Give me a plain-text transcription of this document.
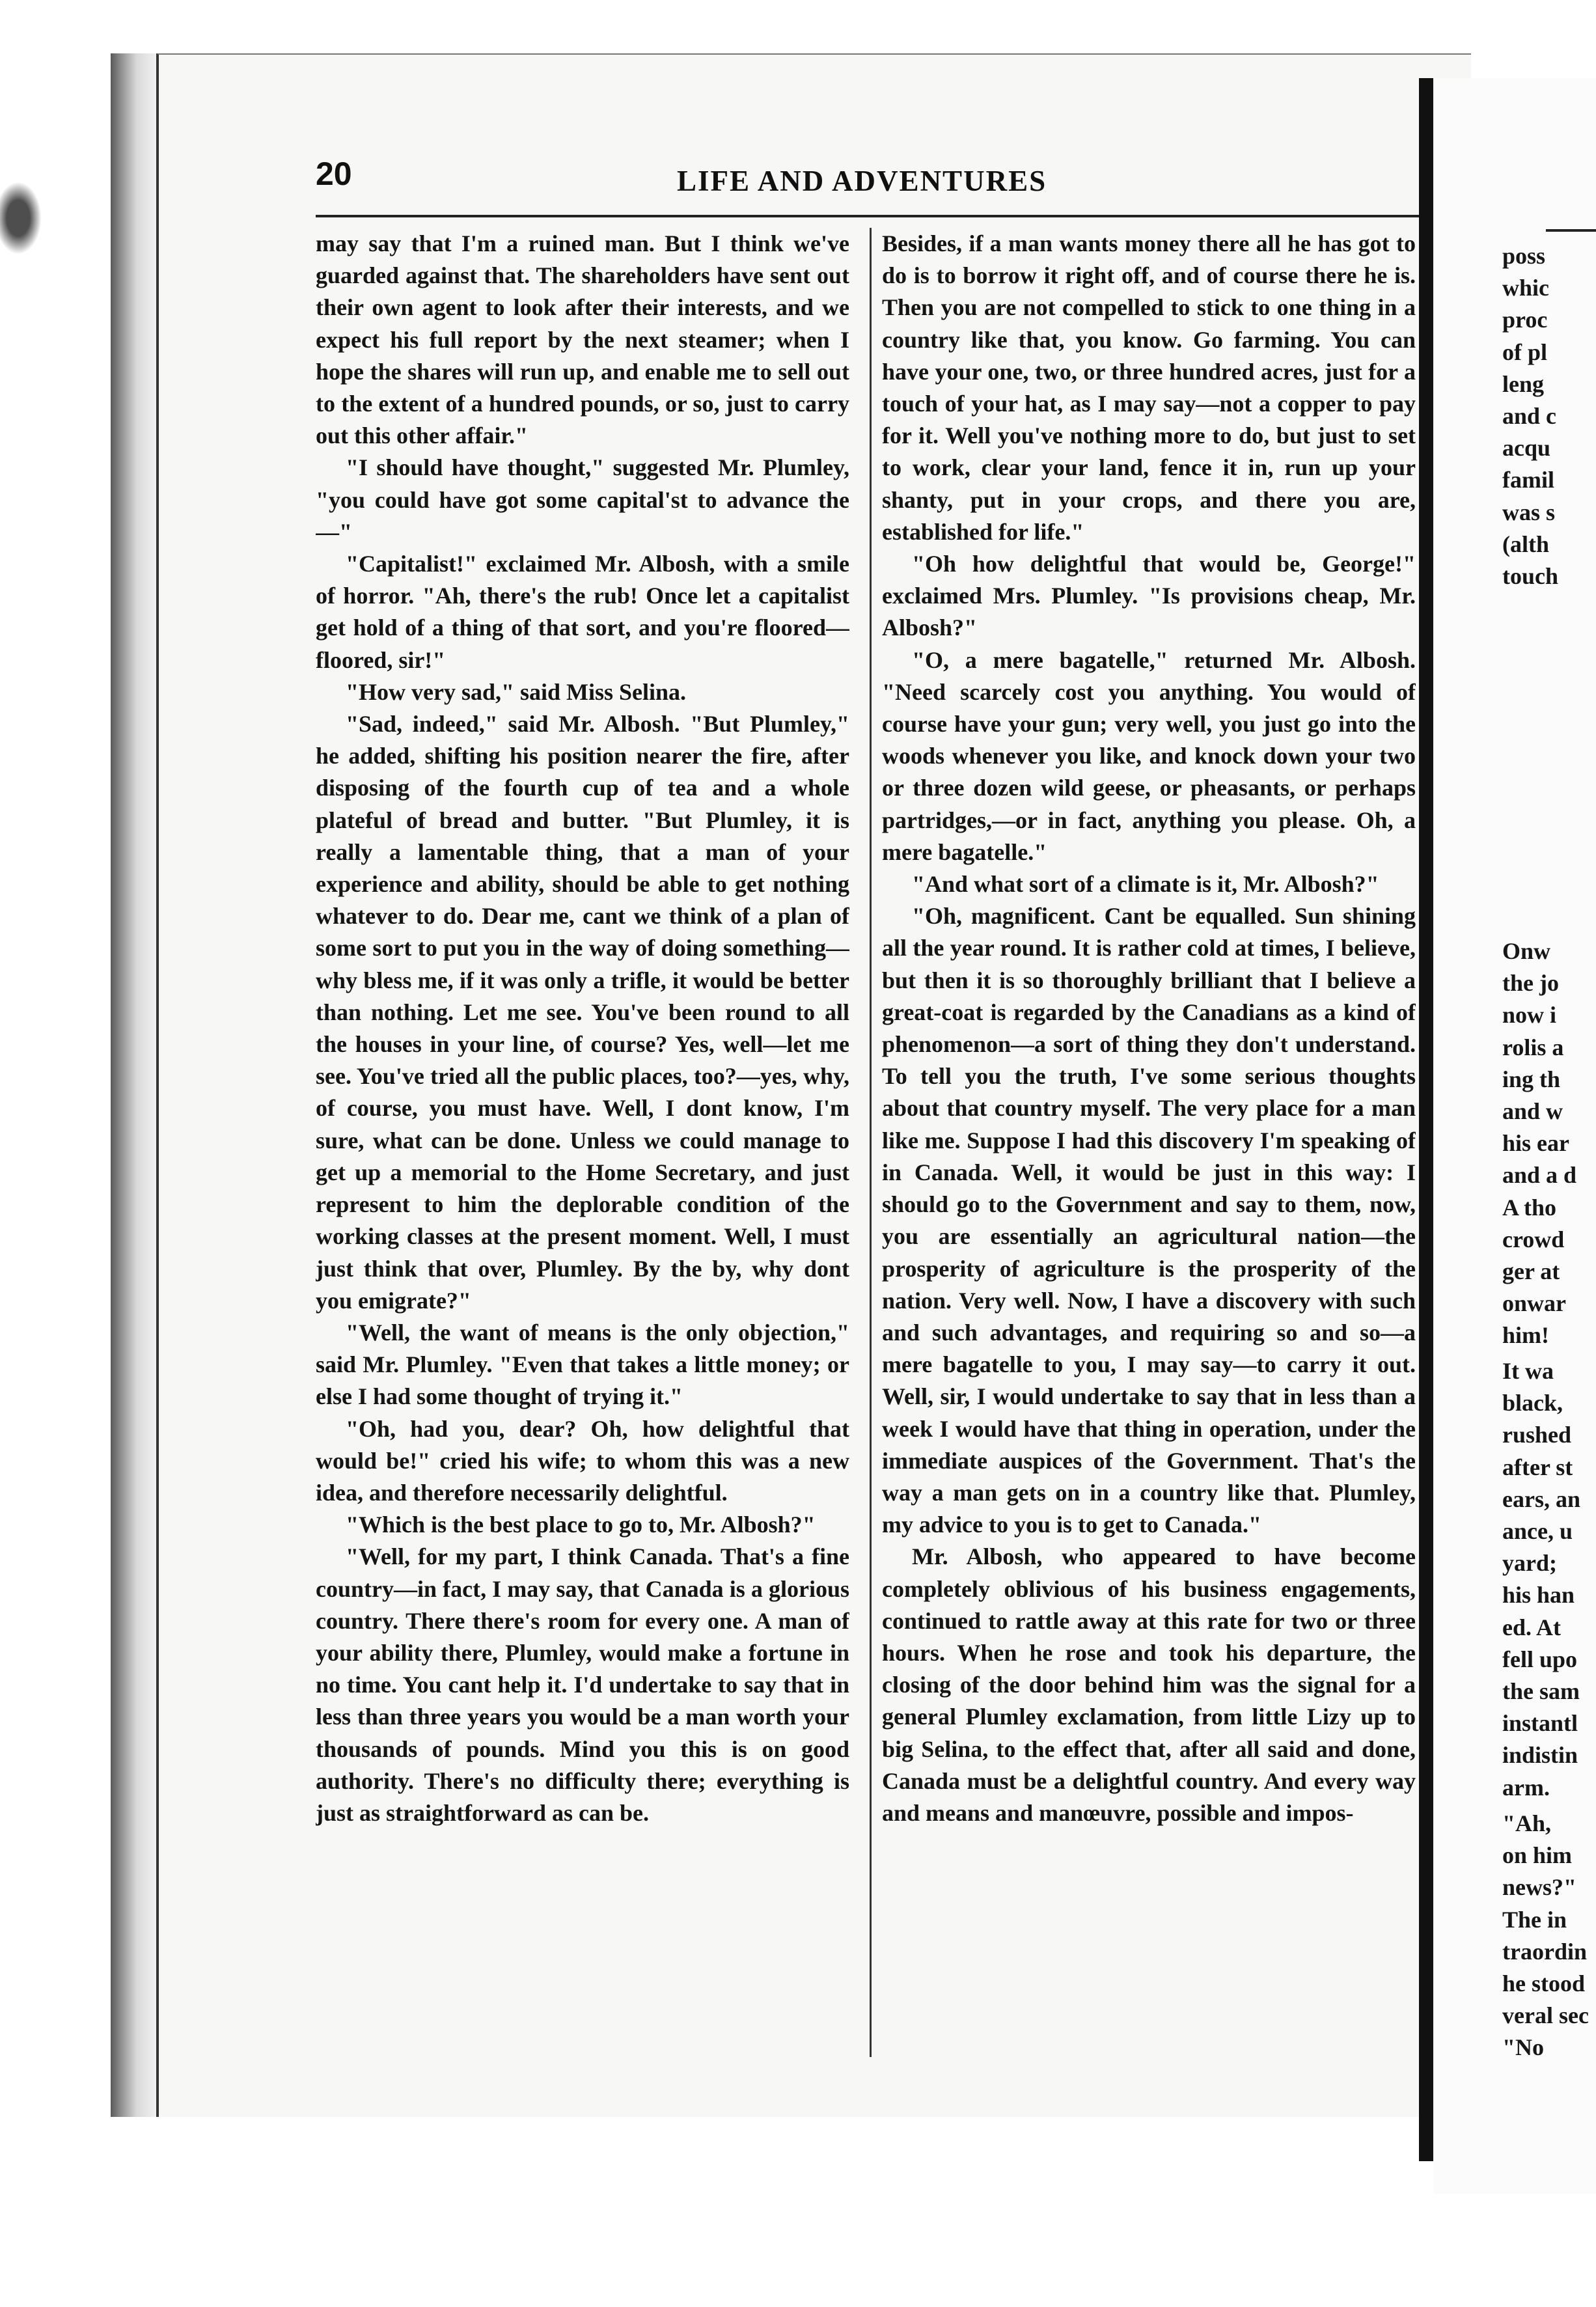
20	LIFE AND ADVENTURES

may say that I'm a ruined man. But I think we've guarded against that. The shareholders have sent out their own agent to look after their interests, and we expect his full report by the next steamer; when I hope the shares will run up, and enable me to sell out to the extent of a hundred pounds, or so, just to carry out this other affair."

"I should have thought," suggested Mr. Plumley, "you could have got some capital'st to advance the—"

"Capitalist!" exclaimed Mr. Albosh, with a smile of horror. "Ah, there's the rub! Once let a capitalist get hold of a thing of that sort, and you're floored—floored, sir!"

"How very sad," said Miss Selina.

"Sad, indeed," said Mr. Albosh. "But Plumley," he added, shifting his position nearer the fire, after disposing of the fourth cup of tea and a whole plateful of bread and butter. "But Plumley, it is really a lamentable thing, that a man of your experience and ability, should be able to get nothing whatever to do. Dear me, cant we think of a plan of some sort to put you in the way of doing something—why bless me, if it was only a trifle, it would be better than nothing. Let me see. You've been round to all the houses in your line, of course? Yes, well—let me see. You've tried all the public places, too?—yes, why, of course, you must have. Well, I dont know, I'm sure, what can be done. Unless we could manage to get up a memorial to the Home Secretary, and just represent to him the deplorable condition of the working classes at the present moment. Well, I must just think that over, Plumley. By the by, why dont you emigrate?"

"Well, the want of means is the only objection," said Mr. Plumley. "Even that takes a little money; or else I had some thought of trying it."

"Oh, had you, dear? Oh, how delightful that would be!" cried his wife; to whom this was a new idea, and therefore necessarily delightful.

"Which is the best place to go to, Mr. Albosh?"

"Well, for my part, I think Canada. That's a fine country—in fact, I may say, that Canada is a glorious country. There there's room for every one. A man of your ability there, Plumley, would make a fortune in no time. You cant help it. I'd undertake to say that in less than three years you would be a man worth your thousands of pounds. Mind you this is on good authority. There's no difficulty there; everything is just as straightforward as can be.

Besides, if a man wants money there all he has got to do is to borrow it right off, and of course there he is. Then you are not compelled to stick to one thing in a country like that, you know. Go farming. You can have your one, two, or three hundred acres, just for a touch of your hat, as I may say—not a copper to pay for it. Well you've nothing more to do, but just to set to work, clear your land, fence it in, run up your shanty, put in your crops, and there you are, established for life."

"Oh how delightful that would be, George!" exclaimed Mrs. Plumley. "Is provisions cheap, Mr. Albosh?"

"O, a mere bagatelle," returned Mr. Albosh. "Need scarcely cost you anything. You would of course have your gun; very well, you just go into the woods whenever you like, and knock down your two or three dozen wild geese, or pheasants, or perhaps partridges,—or in fact, anything you please. Oh, a mere bagatelle."

"And what sort of a climate is it, Mr. Albosh?"

"Oh, magnificent. Cant be equalled. Sun shining all the year round. It is rather cold at times, I believe, but then it is so thoroughly brilliant that I believe a great-coat is regarded by the Canadians as a kind of phenomenon—a sort of thing they don't understand. To tell you the truth, I've some serious thoughts about that country myself. The very place for a man like me. Suppose I had this discovery I'm speaking of in Canada. Well, it would be just in this way: I should go to the Government and say to them, now, you are essentially an agricultural nation—the prosperity of agriculture is the prosperity of the nation. Very well. Now, I have a discovery with such and such advantages, and requiring so and so—a mere bagatelle to you, I may say—to carry it out. Well, sir, I would undertake to say that in less than a week I would have that thing in operation, under the immediate auspices of the Government. That's the way a man gets on in a country like that. Plumley, my advice to you is to get to Canada."

Mr. Albosh, who appeared to have become completely oblivious of his business engagements, continued to rattle away at this rate for two or three hours. When he rose and took his departure, the closing of the door behind him was the signal for a general Plumley exclamation, from little Lizy up to big Selina, to the effect that, after all said and done, Canada must be a delightful country. And every way and means and manœuvre, possible and impos-

poss
whic
proc
of pl
leng
and c
acqu
famil
was s
(alth
touch
Onw
the jo
now i
rolis a
ing th
and w
his ear
and a d
A tho
crowd
ger at
onwar
him!
It wa
black,
rushed
after st
ears, an
ance, u
yard;
his han
ed. At
fell upo
the sam
instantl
indistin
arm.
"Ah,
on him
news?"
The in
traordin
he stood
veral sec
"No
